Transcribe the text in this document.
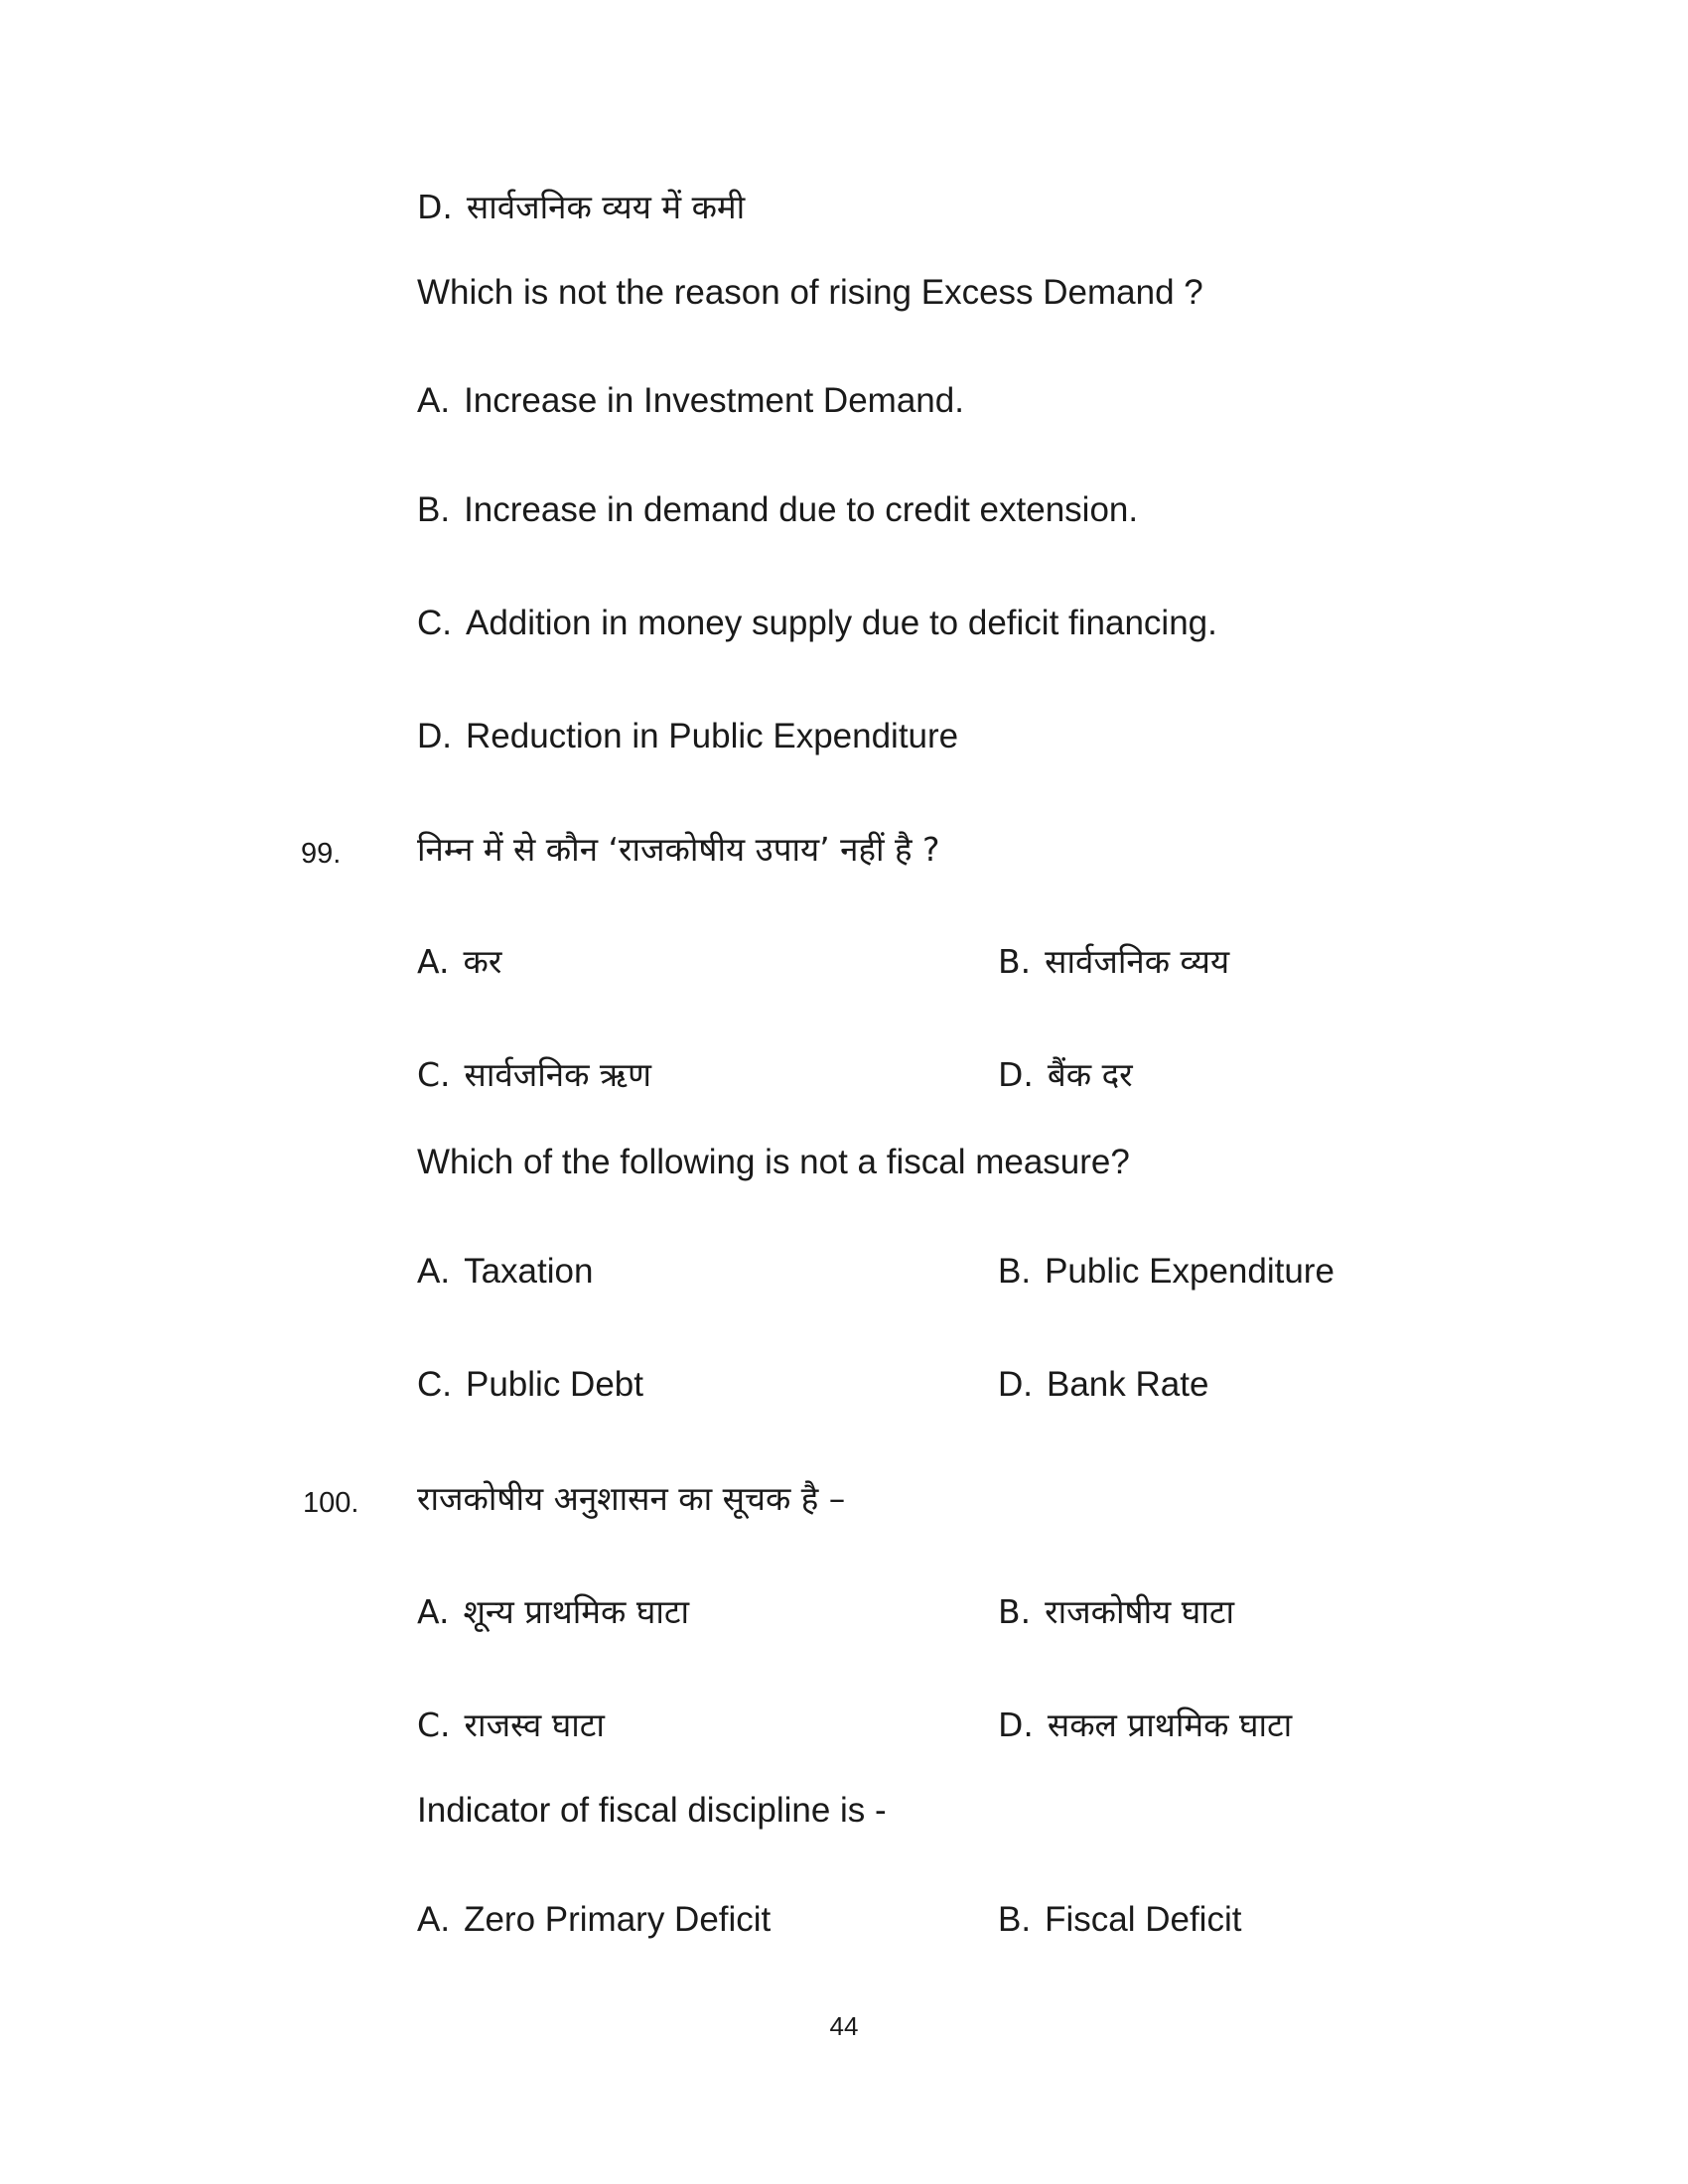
D. सार्वजनिक व्यय में कमी
Which is not the reason of rising Excess Demand ?
A. Increase in Investment Demand.
B. Increase in demand due to credit extension.
C. Addition in money supply due to deficit financing.
D. Reduction in Public Expenditure
99. निम्न में से कौन ‘राजकोषीय उपाय’ नहीं है ?
A. कर	B. सार्वजनिक व्यय
C. सार्वजनिक ऋण	D. बैंक दर
Which of the following is not a fiscal measure?
A. Taxation	B. Public Expenditure
C. Public Debt	D. Bank Rate
100. राजकोषीय अनुशासन का सूचक है –
A. शून्य प्राथमिक घाटा	B. राजकोषीय घाटा
C. राजस्व घाटा	D. सकल प्राथमिक घाटा
Indicator of fiscal discipline is -
A. Zero Primary Deficit	B. Fiscal Deficit
44
